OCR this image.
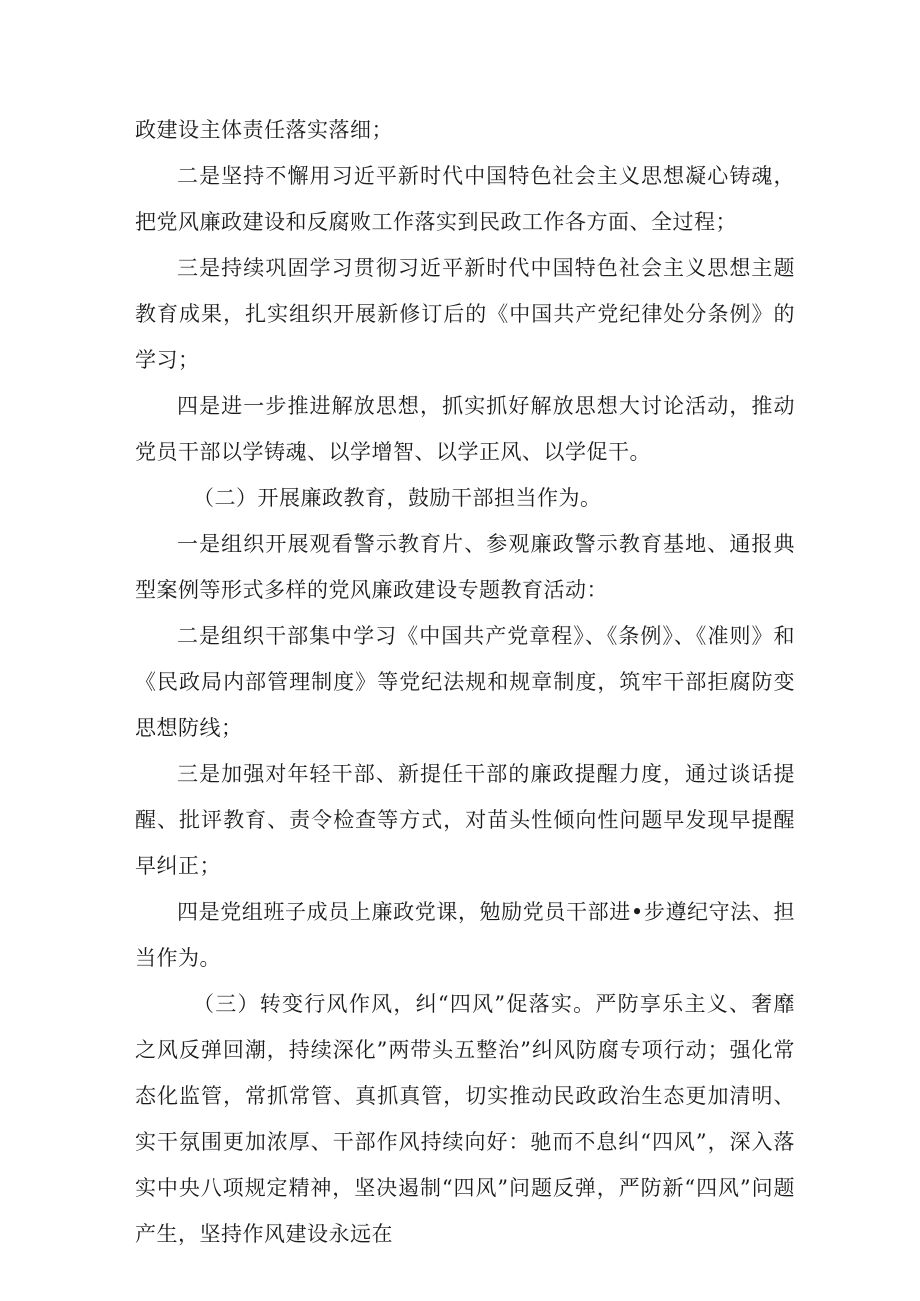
政建设主体责任落实落细；

二是坚持不懈用习近平新时代中国特色社会主义思想凝心铸魂，把党风廉政建设和反腐败工作落实到民政工作各方面、全过程；

三是持续巩固学习贯彻习近平新时代中国特色社会主义思想主题教育成果，扎实组织开展新修订后的《中国共产党纪律处分条例》的学习；

四是进一步推进解放思想，抓实抓好解放思想大讨论活动，推动党员干部以学铸魂、以学增智、以学正风、以学促干。

（二）开展廉政教育，鼓励干部担当作为。

一是组织开展观看警示教育片、参观廉政警示教育基地、通报典型案例等形式多样的党风廉政建设专题教育活动：

二是组织干部集中学习《中国共产党章程》、《条例》、《准则》和《民政局内部管理制度》等党纪法规和规章制度，筑牢干部拒腐防变思想防线；

三是加强对年轻干部、新提任干部的廉政提醒力度，通过谈话提醒、批评教育、责令检查等方式，对苗头性倾向性问题早发现早提醒早纠正；

四是党组班子成员上廉政党课，勉励党员干部进•步遵纪守法、担当作为。

（三）转变行风作风，纠“四风”促落实。严防享乐主义、奢靡之风反弹回潮，持续深化”两带头五整治”纠风防腐专项行动；强化常态化监管，常抓常管、真抓真管，切实推动民政政治生态更加清明、实干氛围更加浓厚、干部作风持续向好：驰而不息纠“四风”，深入落实中央八项规定精神，坚决遏制“四风”问题反弹，严防新“四风”问题产生，坚持作风建设永远在
